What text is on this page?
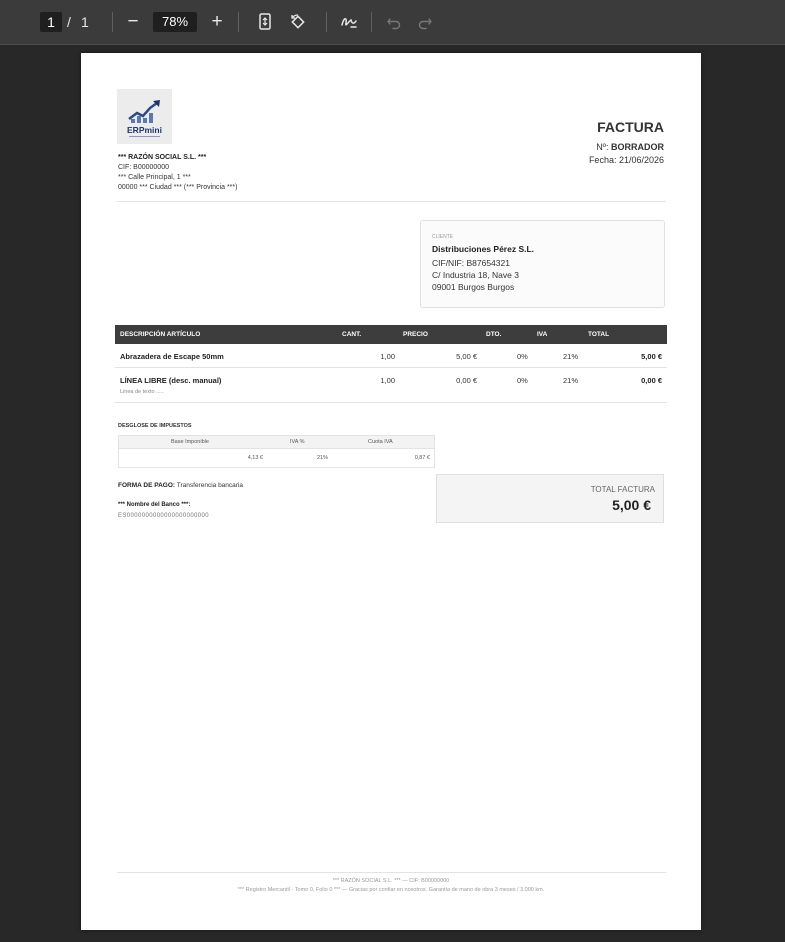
1 / 1 −	78%	+
ERPmini
*** RAZÓN SOCIAL S.L. ***
CIF: B00000000
*** Calle Principal, 1 ***
00000 *** Ciudad *** (*** Provincia ***)
FACTURA
Nº: BORRADOR
Fecha: 21/06/2026
CLIENTE
Distribuciones Pérez S.L.
CIF/NIF: B87654321
C/ Industria 18, Nave 3
09001 Burgos Burgos
DESCRIPCIÓN ARTÍCULO	CANT.	PRECIO	DTO.	IVA	TOTAL
Abrazadera de Escape 50mm	1,00	5,00 €	0%	21%	5,00 €
LÍNEA LIBRE (desc. manual)	1,00	0,00 €	0%	21%	0,00 €
Linea de texto .....
DESGLOSE DE IMPUESTOS
Base Imponible	IVA %	Cuota IVA
4,13 €	21%	0,87 €
FORMA DE PAGO: Transferencia bancaria
*** Nombre del Banco ***:
ES0000000000000000000000
TOTAL FACTURA
5,00 €
*** RAZÓN SOCIAL S.L. *** — CIF: B00000000
*** Registro Mercantil - Tomo 0, Folio 0 *** — Gracias por confiar en nosotros. Garantía de mano de obra 3 meses / 3.000 km.
